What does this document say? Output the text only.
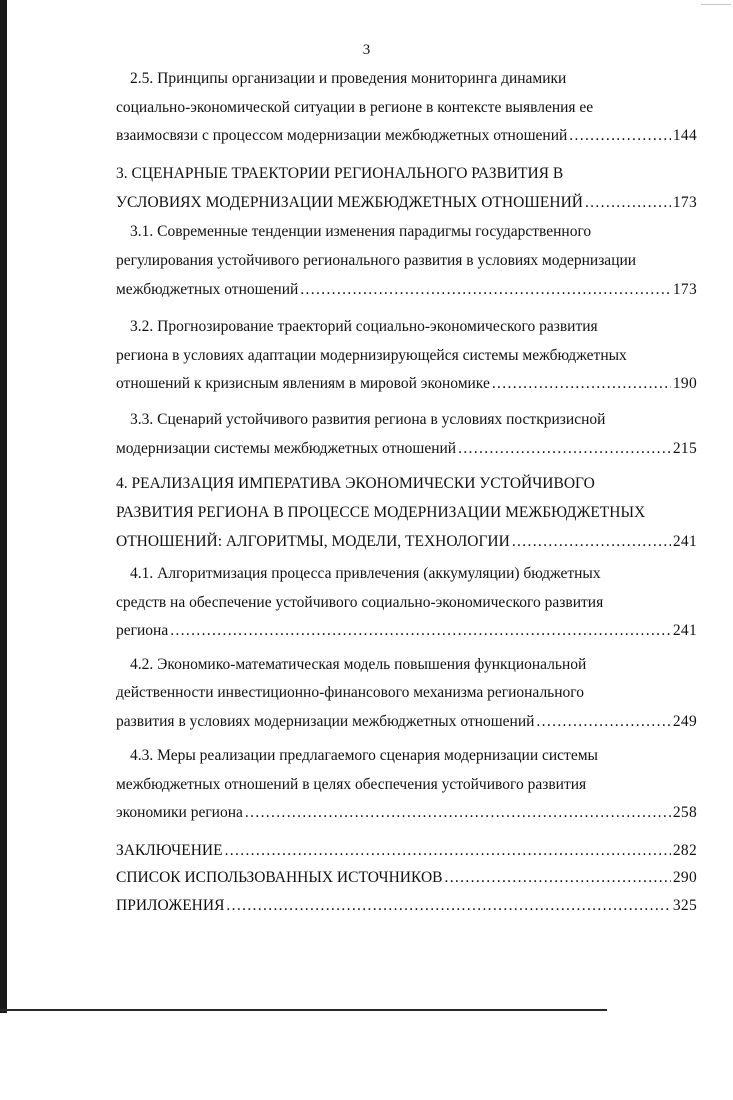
3
2.5. Принципы организации и проведения мониторинга динамики
социально-экономической ситуации в регионе в контексте выявления ее
взаимосвязи с процессом модернизации межбюджетных отношений .....	144
3. СЦЕНАРНЫЕ ТРАЕКТОРИИ РЕГИОНАЛЬНОГО РАЗВИТИЯ В
УСЛОВИЯХ МОДЕРНИЗАЦИИ МЕЖБЮДЖЕТНЫХ ОТНОШЕНИЙ .....	173
3.1. Современные тенденции изменения парадигмы государственного
регулирования устойчивого регионального развития в условиях модернизации
межбюджетных отношений .....	173
3.2. Прогнозирование траекторий социально-экономического развития
региона в условиях адаптации модернизирующейся системы межбюджетных
отношений к кризисным явлениям в мировой экономике .....	190
3.3. Сценарий устойчивого развития региона в условиях посткризисной
модернизации системы межбюджетных отношений .....	215
4. РЕАЛИЗАЦИЯ ИМПЕРАТИВА ЭКОНОМИЧЕСКИ УСТОЙЧИВОГО
РАЗВИТИЯ РЕГИОНА В ПРОЦЕССЕ МОДЕРНИЗАЦИИ МЕЖБЮДЖЕТНЫХ
ОТНОШЕНИЙ: АЛГОРИТМЫ, МОДЕЛИ, ТЕХНОЛОГИИ .....	241
4.1. Алгоритмизация процесса привлечения (аккумуляции) бюджетных
средств на обеспечение устойчивого социально-экономического развития
региона .....	241
4.2. Экономико-математическая модель повышения функциональной
действенности инвестиционно-финансового механизма регионального
развития в условиях модернизации межбюджетных отношений .....	249
4.3. Меры реализации предлагаемого сценария модернизации системы
межбюджетных отношений в целях обеспечения устойчивого развития
экономики региона .....	258
ЗАКЛЮЧЕНИЕ .....	282
СПИСОК ИСПОЛЬЗОВАННЫХ ИСТОЧНИКОВ .....	290
ПРИЛОЖЕНИЯ .....	325
